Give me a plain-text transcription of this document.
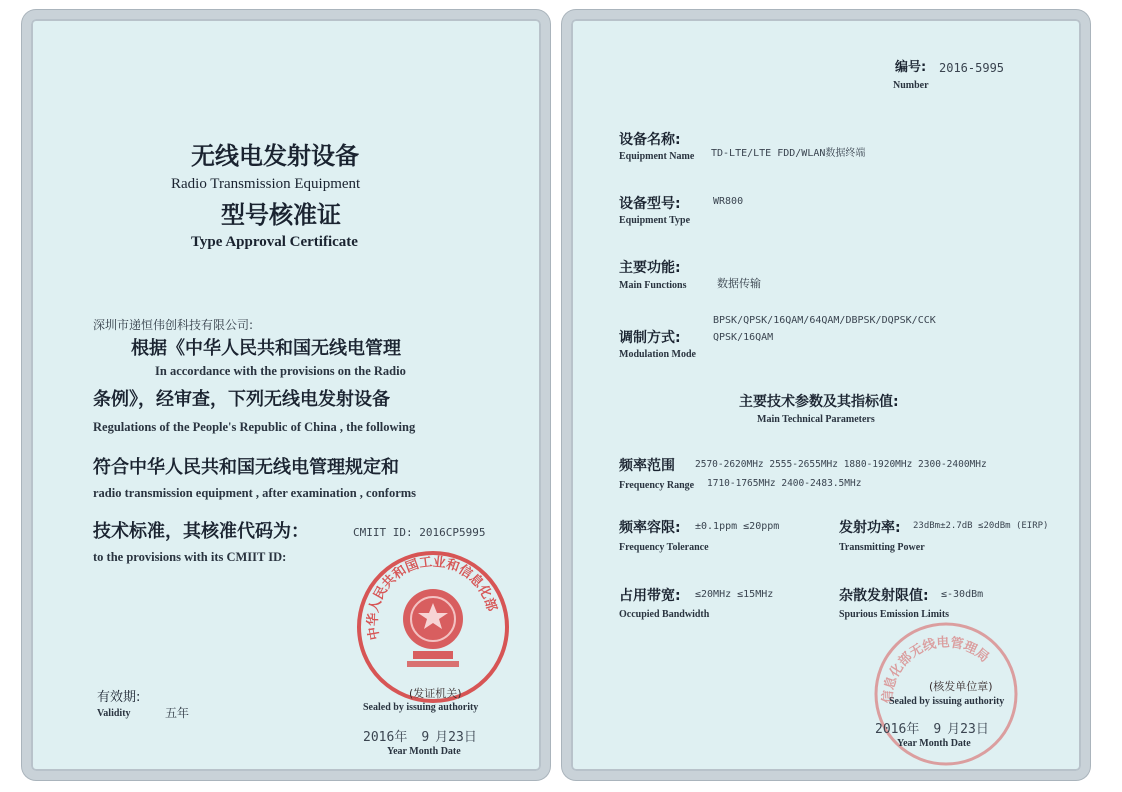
无线电发射设备
Radio Transmission Equipment
型号核准证
Type Approval Certificate
深圳市递恒伟创科技有限公司:
根据《中华人民共和国无线电管理
In accordance with the provisions on the Radio
条例》，经审查，下列无线电发射设备
Regulations of the People's Republic of China , the following
符合中华人民共和国无线电管理规定和
radio transmission equipment , after examination , conforms
技术标准，其核准代码为：	CMIIT ID: 2016CP5995
to the provisions with its CMIIT ID:
中华人民共和国工业和信息化部
(发证机关)
Sealed by issuing authority
有效期:
Validity	五年
2016年 9 月23日
Year Month Date
编号: 2016-5995
Number
设备名称:
Equipment Name TD-LTE/LTE FDD/WLAN数据终端
设备型号:
Equipment Type
WR800
主要功能:
Main Functions	数据传输
BPSK/QPSK/16QAM/64QAM/DBPSK/DQPSK/CCK
调制方式:	QPSK/16QAM
Modulation Mode
主要技术参数及其指标值:
Main Technical Parameters
频率范围 2570-2620MHz 2555-2655MHz 1880-1920MHz 2300-2400MHz
Frequency Range 1710-1765MHz 2400-2483.5MHz
频率容限: ±0.1ppm ≤20ppm
Frequency Tolerance
发射功率: 23dBm±2.7dB ≤20dBm (EIRP)
Transmitting Power
占用带宽: ≤20MHz ≤15MHz
Occupied Bandwidth
杂散发射限值: ≤-30dBm
Spurious Emission Limits
信息化部无线电管理局
(核发单位章)
Sealed by issuing authority
2016年 9 月23日
Year Month Date
